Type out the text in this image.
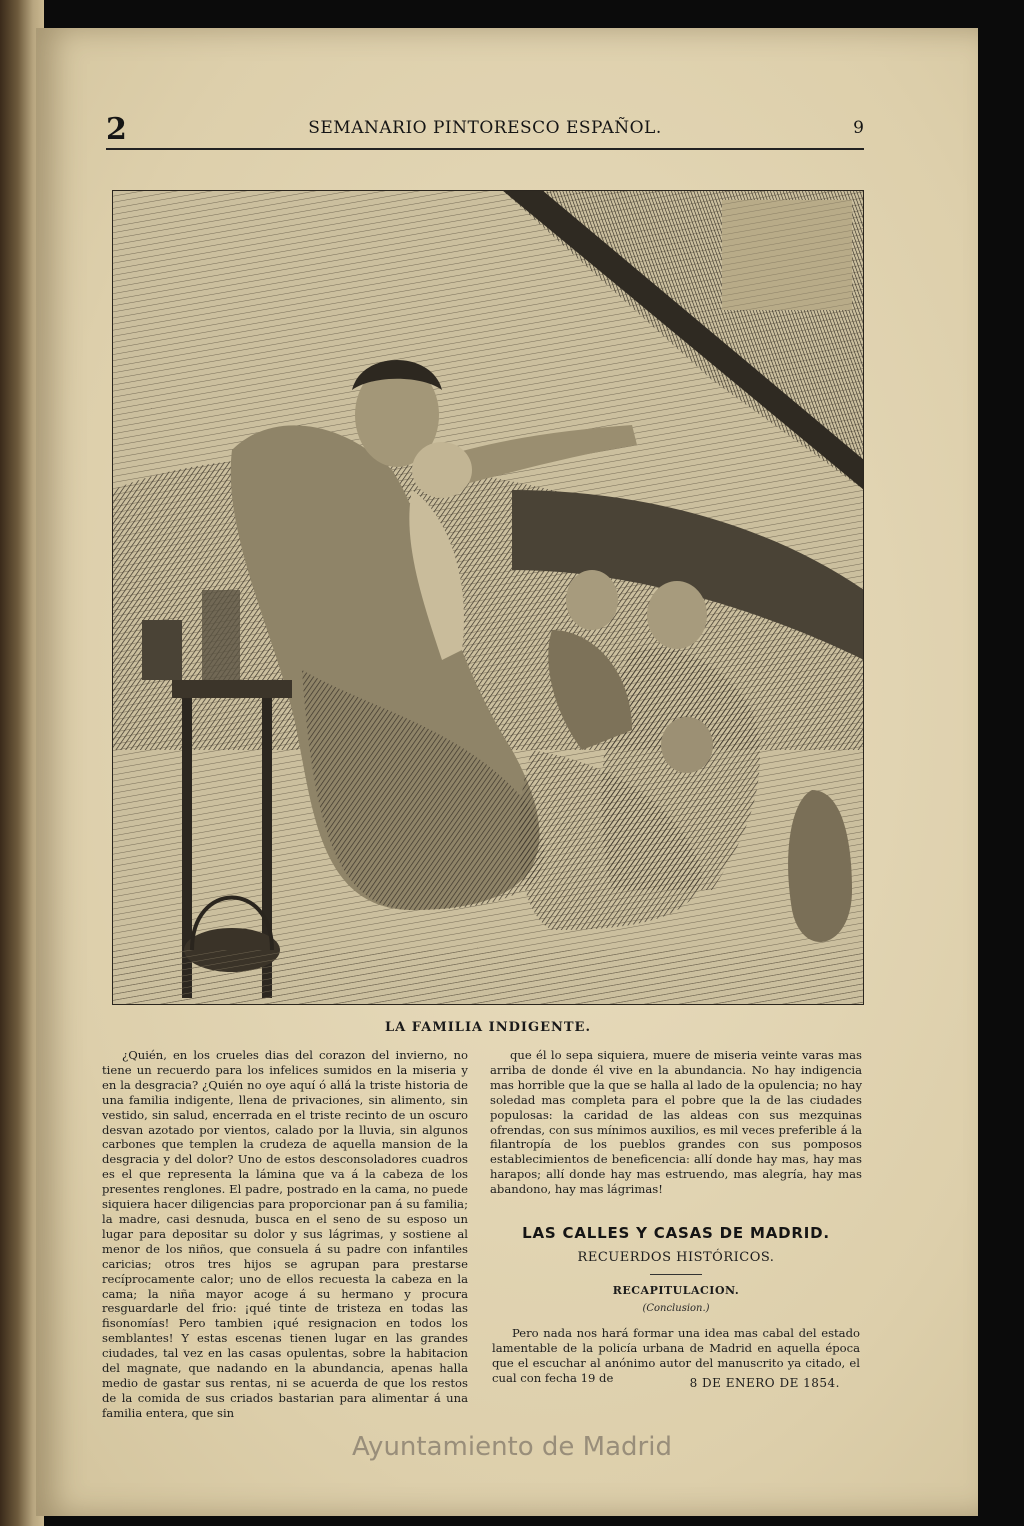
2	SEMANARIO PINTORESCO ESPAÑOL.	9
LA FAMILIA INDIGENTE.

¿Quién, en los crueles dias del corazon del invierno, no tiene un recuerdo para los infelices sumidos en la miseria y en la desgracia? ¿Quién no oye aquí ó allá la triste historia de una familia indigente, llena de privaciones, sin alimento, sin vestido, sin salud, encerrada en el triste recinto de un oscuro desvan azotado por vientos, calado por la lluvia, sin algunos carbones que templen la crudeza de aquella mansion de la desgracia y del dolor? Uno de estos desconsoladores cuadros es el que representa la lámina que va á la cabeza de los presentes renglones. El padre, postrado en la cama, no puede siquiera hacer diligencias para proporcionar pan á su familia; la madre, casi desnuda, busca en el seno de su esposo un lugar para depositar su dolor y sus lágrimas, y sostiene al menor de los niños, que consuela á su padre con infantiles caricias; otros tres hijos se agrupan para prestarse recíprocamente calor; uno de ellos recuesta la cabeza en la cama; la niña mayor acoge á su hermano y procura resguardarle del frio: ¡qué tinte de tristeza en todas las fisonomías! Pero tambien ¡qué resignacion en todos los semblantes! Y estas escenas tienen lugar en las grandes ciudades, tal vez en las casas opulentas, sobre la habitacion del magnate, que nadando en la abundancia, apenas halla medio de gastar sus rentas, ni se acuerda de que los restos de la comida de sus criados bastarian para alimentar á una familia entera, que sin

que él lo sepa siquiera, muere de miseria veinte varas mas arriba de donde él vive en la abundancia. No hay indigencia mas horrible que la que se halla al lado de la opulencia; no hay soledad mas completa para el pobre que la de las ciudades populosas: la caridad de las aldeas con sus mezquinas ofrendas, con sus mínimos auxilios, es mil veces preferible á la filantropía de los pueblos grandes con sus pomposos establecimientos de beneficencia: allí donde hay mas, hay mas harapos; allí donde hay mas estruendo, mas alegría, hay mas abandono, hay mas lágrimas!

LAS CALLES Y CASAS DE MADRID.
RECUERDOS HISTÓRICOS.
RECAPITULACION.
(Conclusion.)

Pero nada nos hará formar una idea mas cabal del estado lamentable de la policía urbana de Madrid en aquella época que el escuchar al anónimo autor del manuscrito ya citado, el cual con fecha 19 de	8 DE ENERO DE 1854.
Ayuntamiento de Madrid
